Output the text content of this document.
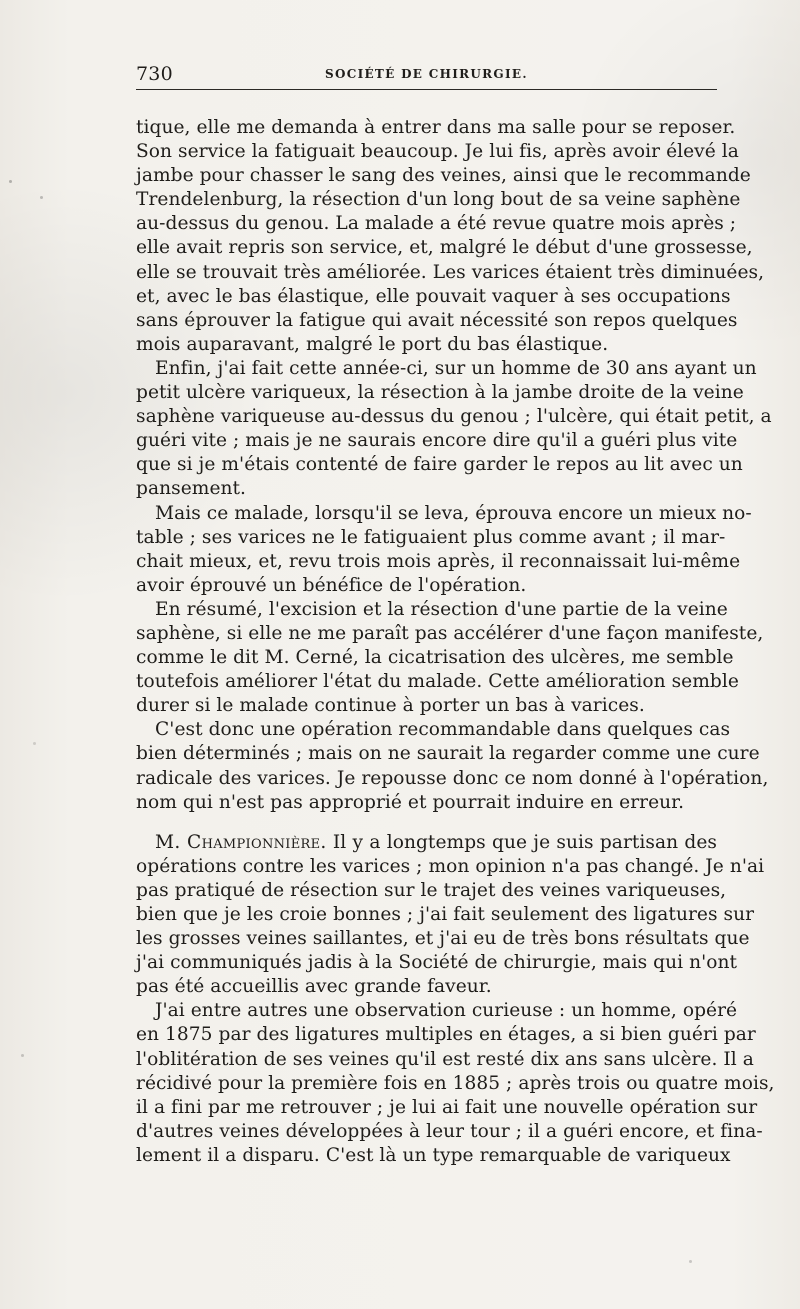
730	SOCIÉTÉ DE CHIRURGIE.
tique, elle me demanda à entrer dans ma salle pour se reposer.
Son service la fatiguait beaucoup. Je lui fis, après avoir élevé la
jambe pour chasser le sang des veines, ainsi que le recommande
Trendelenburg, la résection d'un long bout de sa veine saphène
au-dessus du genou. La malade a été revue quatre mois après ;
elle avait repris son service, et, malgré le début d'une grossesse,
elle se trouvait très améliorée. Les varices étaient très diminuées,
et, avec le bas élastique, elle pouvait vaquer à ses occupations
sans éprouver la fatigue qui avait nécessité son repos quelques
mois auparavant, malgré le port du bas élastique.
Enfin, j'ai fait cette année-ci, sur un homme de 30 ans ayant un
petit ulcère variqueux, la résection à la jambe droite de la veine
saphène variqueuse au-dessus du genou ; l'ulcère, qui était petit, a
guéri vite ; mais je ne saurais encore dire qu'il a guéri plus vite
que si je m'étais contenté de faire garder le repos au lit avec un
pansement.
Mais ce malade, lorsqu'il se leva, éprouva encore un mieux no-
table ; ses varices ne le fatiguaient plus comme avant ; il mar-
chait mieux, et, revu trois mois après, il reconnaissait lui-même
avoir éprouvé un bénéfice de l'opération.
En résumé, l'excision et la résection d'une partie de la veine
saphène, si elle ne me paraît pas accélérer d'une façon manifeste,
comme le dit M. Cerné, la cicatrisation des ulcères, me semble
toutefois améliorer l'état du malade. Cette amélioration semble
durer si le malade continue à porter un bas à varices.
C'est donc une opération recommandable dans quelques cas
bien déterminés ; mais on ne saurait la regarder comme une cure
radicale des varices. Je repousse donc ce nom donné à l'opération,
nom qui n'est pas approprié et pourrait induire en erreur.
M. Championnière. Il y a longtemps que je suis partisan des
opérations contre les varices ; mon opinion n'a pas changé. Je n'ai
pas pratiqué de résection sur le trajet des veines variqueuses,
bien que je les croie bonnes ; j'ai fait seulement des ligatures sur
les grosses veines saillantes, et j'ai eu de très bons résultats que
j'ai communiqués jadis à la Société de chirurgie, mais qui n'ont
pas été accueillis avec grande faveur.
J'ai entre autres une observation curieuse : un homme, opéré
en 1875 par des ligatures multiples en étages, a si bien guéri par
l'oblitération de ses veines qu'il est resté dix ans sans ulcère. Il a
récidivé pour la première fois en 1885 ; après trois ou quatre mois,
il a fini par me retrouver ; je lui ai fait une nouvelle opération sur
d'autres veines développées à leur tour ; il a guéri encore, et fina-
lement il a disparu. C'est là un type remarquable de variqueux
